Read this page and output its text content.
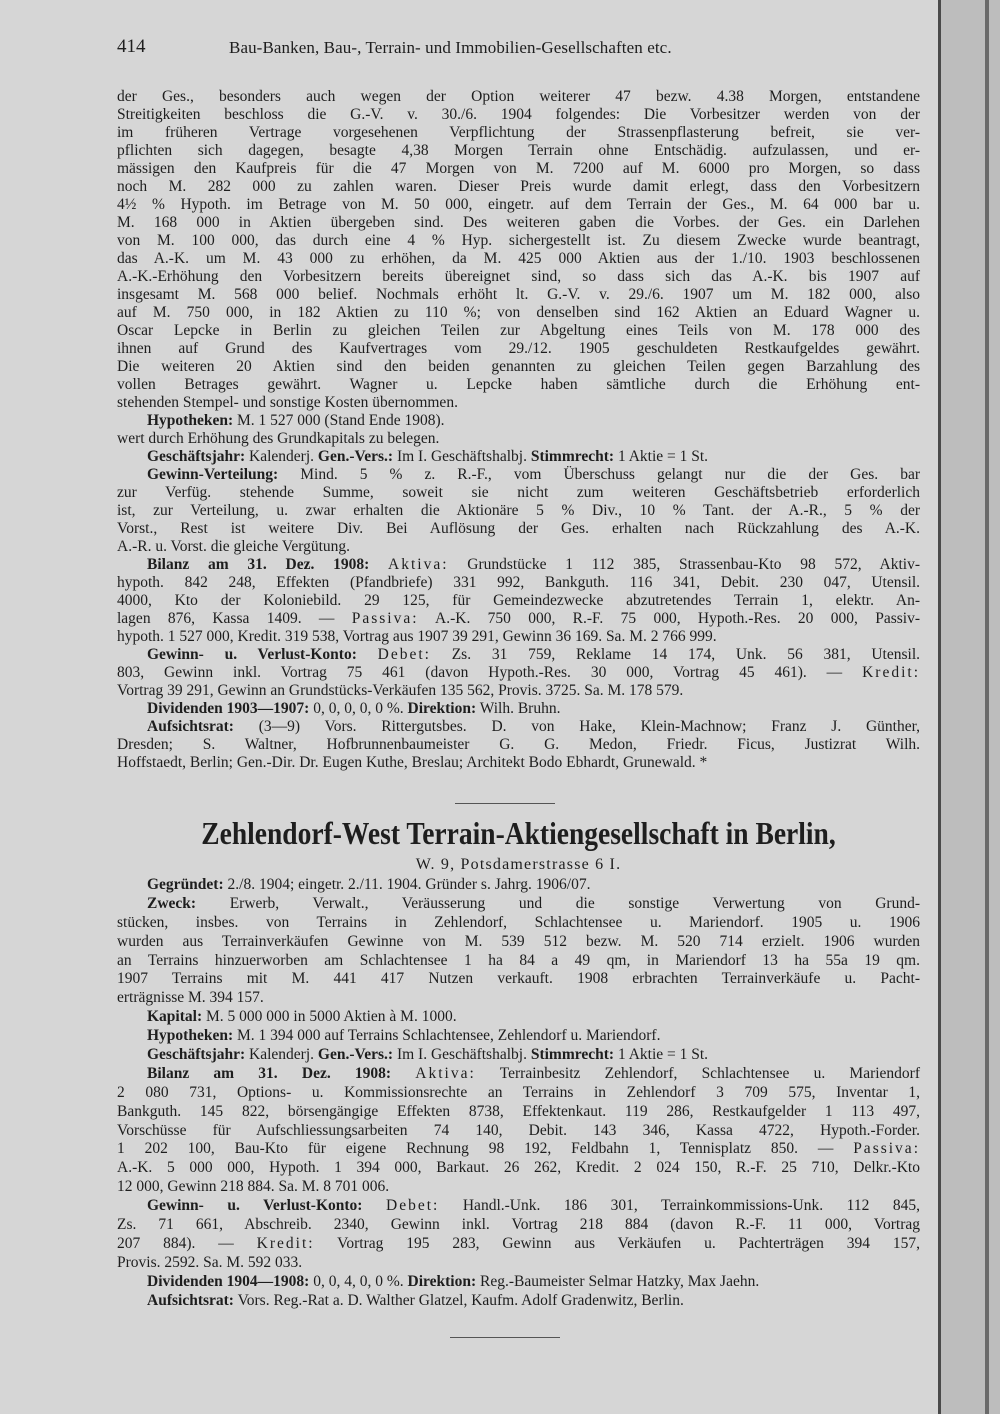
414	Bau-Banken, Bau-, Terrain- und Immobilien-Gesellschaften etc.
der Ges., besonders auch wegen der Option weiterer 47 bezw. 4.38 Morgen, entstandene
Streitigkeiten beschloss die G.-V. v. 30./6. 1904 folgendes: Die Vorbesitzer werden von der
im früheren Vertrage vorgesehenen Verpflichtung der Strassenpflasterung befreit, sie ver-
pflichten sich dagegen, besagte 4,38 Morgen Terrain ohne Entschädig. aufzulassen, und er-
mässigen den Kaufpreis für die 47 Morgen von M. 7200 auf M. 6000 pro Morgen, so dass
noch M. 282 000 zu zahlen waren. Dieser Preis wurde damit erlegt, dass den Vorbesitzern
4½ % Hypoth. im Betrage von M. 50 000, eingetr. auf dem Terrain der Ges., M. 64 000 bar u.
M. 168 000 in Aktien übergeben sind. Des weiteren gaben die Vorbes. der Ges. ein Darlehen
von M. 100 000, das durch eine 4 % Hyp. sichergestellt ist. Zu diesem Zwecke wurde beantragt,
das A.-K. um M. 43 000 zu erhöhen, da M. 425 000 Aktien aus der 1./10. 1903 beschlossenen
A.-K.-Erhöhung den Vorbesitzern bereits übereignet sind, so dass sich das A.-K. bis 1907 auf
insgesamt M. 568 000 belief. Nochmals erhöht lt. G.-V. v. 29./6. 1907 um M. 182 000, also
auf M. 750 000, in 182 Aktien zu 110 %; von denselben sind 162 Aktien an Eduard Wagner u.
Oscar Lepcke in Berlin zu gleichen Teilen zur Abgeltung eines Teils von M. 178 000 des
ihnen auf Grund des Kaufvertrages vom 29./12. 1905 geschuldeten Restkaufgeldes gewährt.
Die weiteren 20 Aktien sind den beiden genannten zu gleichen Teilen gegen Barzahlung des
vollen Betrages gewährt. Wagner u. Lepcke haben sämtliche durch die Erhöhung ent-
stehenden Stempel- und sonstige Kosten übernommen.
Hypotheken: M. 1 527 000 (Stand Ende 1908).
wert durch Erhöhung des Grundkapitals zu belegen.
Geschäftsjahr: Kalenderj. Gen.-Vers.: Im I. Geschäftshalbj. Stimmrecht: 1 Aktie = 1 St.
Gewinn-Verteilung: Mind. 5 % z. R.-F., vom Überschuss gelangt nur die der Ges. bar
zur Verfüg. stehende Summe, soweit sie nicht zum weiteren Geschäftsbetrieb erforderlich
ist, zur Verteilung, u. zwar erhalten die Aktionäre 5 % Div., 10 % Tant. der A.-R., 5 % der
Vorst., Rest ist weitere Div. Bei Auflösung der Ges. erhalten nach Rückzahlung des A.-K.
A.-R. u. Vorst. die gleiche Vergütung.
Bilanz am 31. Dez. 1908: Aktiva: Grundstücke 1 112 385, Strassenbau-Kto 98 572, Aktiv-
hypoth. 842 248, Effekten (Pfandbriefe) 331 992, Bankguth. 116 341, Debit. 230 047, Utensil.
4000, Kto der Koloniebild. 29 125, für Gemeindezwecke abzutretendes Terrain 1, elektr. An-
lagen 876, Kassa 1409. — Passiva: A.-K. 750 000, R.-F. 75 000, Hypoth.-Res. 20 000, Passiv-
hypoth. 1 527 000, Kredit. 319 538, Vortrag aus 1907 39 291, Gewinn 36 169. Sa. M. 2 766 999.
Gewinn- u. Verlust-Konto: Debet: Zs. 31 759, Reklame 14 174, Unk. 56 381, Utensil.
803, Gewinn inkl. Vortrag 75 461 (davon Hypoth.-Res. 30 000, Vortrag 45 461). — Kredit:
Vortrag 39 291, Gewinn an Grundstücks-Verkäufen 135 562, Provis. 3725. Sa. M. 178 579.
Dividenden 1903—1907: 0, 0, 0, 0, 0 %. Direktion: Wilh. Bruhn.
Aufsichtsrat: (3—9) Vors. Rittergutsbes. D. von Hake, Klein-Machnow; Franz J. Günther,
Dresden; S. Waltner, Hofbrunnenbaumeister G. G. Medon, Friedr. Ficus, Justizrat Wilh.
Hoffstaedt, Berlin; Gen.-Dir. Dr. Eugen Kuthe, Breslau; Architekt Bodo Ebhardt, Grunewald. *
Zehlendorf-West Terrain-Aktiengesellschaft in Berlin,
W. 9, Potsdamerstrasse 6 I.
Gegründet: 2./8. 1904; eingetr. 2./11. 1904. Gründer s. Jahrg. 1906/07.
Zweck: Erwerb, Verwalt., Veräusserung und die sonstige Verwertung von Grund-
stücken, insbes. von Terrains in Zehlendorf, Schlachtensee u. Mariendorf. 1905 u. 1906
wurden aus Terrainverkäufen Gewinne von M. 539 512 bezw. M. 520 714 erzielt. 1906 wurden
an Terrains hinzuerworben am Schlachtensee 1 ha 84 a 49 qm, in Mariendorf 13 ha 55a 19 qm.
1907 Terrains mit M. 441 417 Nutzen verkauft. 1908 erbrachten Terrainverkäufe u. Pacht-
erträgnisse M. 394 157.
Kapital: M. 5 000 000 in 5000 Aktien à M. 1000.
Hypotheken: M. 1 394 000 auf Terrains Schlachtensee, Zehlendorf u. Mariendorf.
Geschäftsjahr: Kalenderj. Gen.-Vers.: Im I. Geschäftshalbj. Stimmrecht: 1 Aktie = 1 St.
Bilanz am 31. Dez. 1908: Aktiva: Terrainbesitz Zehlendorf, Schlachtensee u. Mariendorf
2 080 731, Options- u. Kommissionsrechte an Terrains in Zehlendorf 3 709 575, Inventar 1,
Bankguth. 145 822, börsengängige Effekten 8738, Effektenkaut. 119 286, Restkaufgelder 1 113 497,
Vorschüsse für Aufschliessungsarbeiten 74 140, Debit. 143 346, Kassa 4722, Hypoth.-Forder.
1 202 100, Bau-Kto für eigene Rechnung 98 192, Feldbahn 1, Tennisplatz 850. — Passiva:
A.-K. 5 000 000, Hypoth. 1 394 000, Barkaut. 26 262, Kredit. 2 024 150, R.-F. 25 710, Delkr.-Kto
12 000, Gewinn 218 884. Sa. M. 8 701 006.
Gewinn- u. Verlust-Konto: Debet: Handl.-Unk. 186 301, Terrainkommissions-Unk. 112 845,
Zs. 71 661, Abschreib. 2340, Gewinn inkl. Vortrag 218 884 (davon R.-F. 11 000, Vortrag
207 884). — Kredit: Vortrag 195 283, Gewinn aus Verkäufen u. Pachterträgen 394 157,
Provis. 2592. Sa. M. 592 033.
Dividenden 1904—1908: 0, 0, 4, 0, 0 %. Direktion: Reg.-Baumeister Selmar Hatzky, Max Jaehn.
Aufsichtsrat: Vors. Reg.-Rat a. D. Walther Glatzel, Kaufm. Adolf Gradenwitz, Berlin.
